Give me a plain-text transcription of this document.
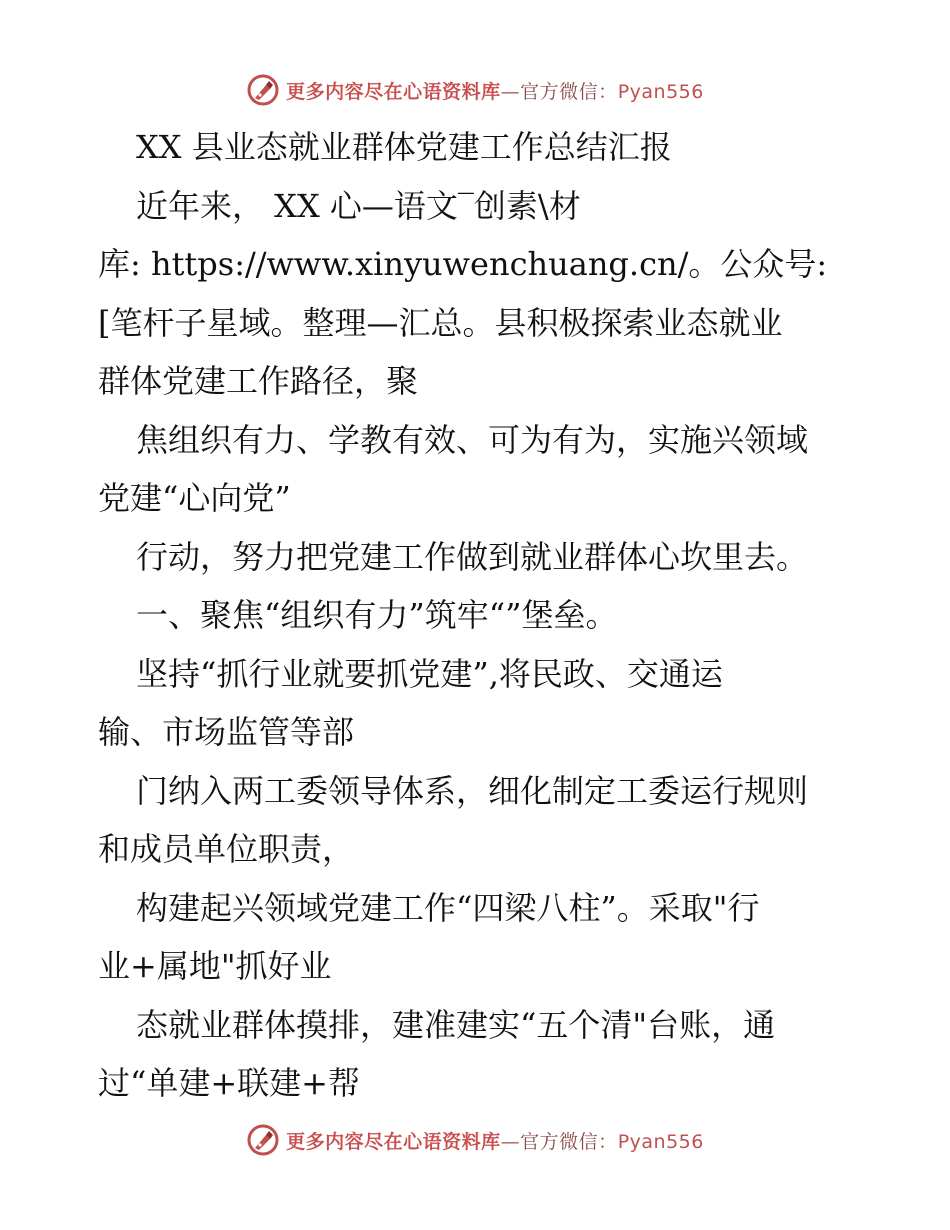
更多内容尽在心语资料库—官方微信：Pyan556
XX 县业态就业群体党建工作总结汇报
近年来， XX 心—语文‾创素\材
库: https://www.xinyuwenchuang.cn/。公众号:
[笔杆子星域。整理—汇总。县积极探索业态就业
群体党建工作路径，聚
焦组织有力、学教有效、可为有为，实施兴领域
党建“心向党”
行动，努力把党建工作做到就业群体心坎里去。
一、聚焦“组织有力”筑牢“”堡垒。
坚持“抓行业就要抓党建”,将民政、交通运
输、市场监管等部
门纳入两工委领导体系，细化制定工委运行规则
和成员单位职责，
构建起兴领域党建工作“四梁八柱”。采取"行
业+属地"抓好业
态就业群体摸排，建准建实“五个清"台账，通
过“单建+联建+帮
更多内容尽在心语资料库—官方微信：Pyan556
